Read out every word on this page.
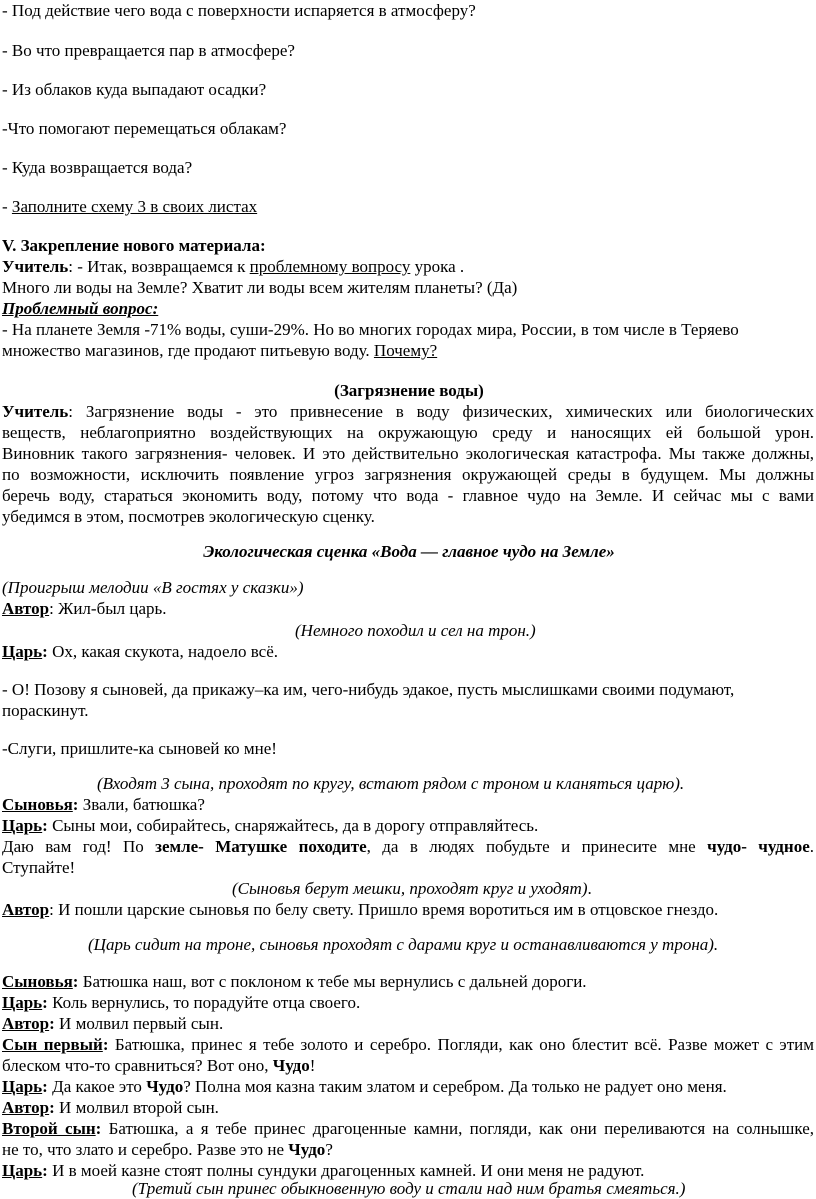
- Под действие чего вода с поверхности испаряется в атмосферу?
- Во что превращается пар в атмосфере?
- Из облаков куда выпадают осадки?
-Что помогают перемещаться облакам?
- Куда возвращается вода?
- Заполните схему 3 в своих листах
V. Закрепление нового материала:
Учитель: - Итак, возвращаемся к проблемному вопросу урока .
Много ли воды на Земле? Хватит ли воды всем жителям планеты? (Да)
Проблемный вопрос:
- На планете Земля -71% воды, суши-29%. Но во многих городах мира, России, в том числе в Теряево
множество магазинов, где продают питьевую воду. Почему?
(Загрязнение воды)
Учитель: Загрязнение воды - это привнесение в воду физических, химических или биологических
веществ, неблагоприятно воздействующих на окружающую среду и наносящих ей большой урон.
Виновник такого загрязнения- человек. И это действительно экологическая катастрофа. Мы также должны,
по возможности, исключить появление угроз загрязнения окружающей среды в будущем. Мы должны
беречь воду, стараться экономить воду, потому что вода - главное чудо на Земле. И сейчас мы с вами
убедимся в этом, посмотрев экологическую сценку.
Экологическая сценка «Вода — главное чудо на Земле»
(Проигрыш мелодии «В гостях у сказки»)
Автор: Жил-был царь.
(Немного походил и сел на трон.)
Царь: Ох, какая скукота, надоело всё.
- О! Позову я сыновей, да прикажу–ка им, чего-нибудь эдакое, пусть мыслишками своими подумают,
пораскинут.
-Слуги, пришлите-ка сыновей ко мне!
(Входят 3 сына, проходят по кругу, встают рядом с троном и кланяться царю).
Сыновья: Звали, батюшка?
Царь: Сыны мои, собирайтесь, снаряжайтесь, да в дорогу отправляйтесь.
Даю вам год! По земле- Матушке походите, да в людях побудьте и принесите мне чудо- чудное.
Ступайте!
(Сыновья берут мешки, проходят круг и уходят).
Автор: И пошли царские сыновья по белу свету. Пришло время воротиться им в отцовское гнездо.
(Царь сидит на троне, сыновья проходят с дарами круг и останавливаются у трона).
Сыновья: Батюшка наш, вот с поклоном к тебе мы вернулись с дальней дороги.
Царь: Коль вернулись, то порадуйте отца своего.
Автор: И молвил первый сын.
Сын первый: Батюшка, принес я тебе золото и серебро. Погляди, как оно блестит всё. Разве может с этим
блеском что-то сравниться? Вот оно, Чудо!
Царь: Да какое это Чудо? Полна моя казна таким златом и серебром. Да только не радует оно меня.
Автор: И молвил второй сын.
Второй сын: Батюшка, а я тебе принес драгоценные камни, погляди, как они переливаются на солнышке,
не то, что злато и серебро. Разве это не Чудо?
Царь: И в моей казне стоят полны сундуки драгоценных камней. И они меня не радуют.
(Третий сын принес обыкновенную воду и стали над ним братья смеяться.)
